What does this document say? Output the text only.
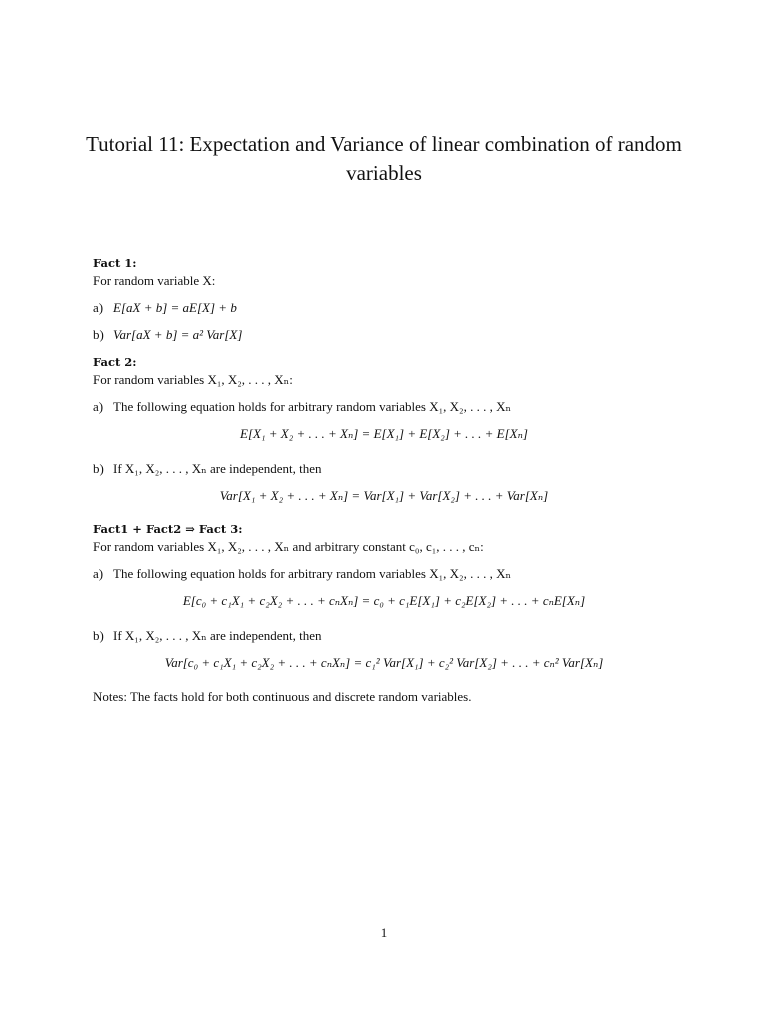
Tutorial 11: Expectation and Variance of linear combination of random variables

Fact 1:

For random variable X:

a) E[aX + b] = aE[X] + b

b) Var[aX + b] = a² Var[X]

Fact 2:

For random variables X₁, X₂, . . . , Xₙ:

a) The following equation holds for arbitrary random variables X₁, X₂, . . . , Xₙ

E[X₁ + X₂ + . . . + Xₙ] = E[X₁] + E[X₂] + . . . + E[Xₙ]

b) If X₁, X₂, . . . , Xₙ are independent, then

Var[X₁ + X₂ + . . . + Xₙ] = Var[X₁] + Var[X₂] + . . . + Var[Xₙ]

Fact1 + Fact2 ⇒ Fact 3:

For random variables X₁, X₂, . . . , Xₙ and arbitrary constant c₀, c₁, . . . , cₙ:

a) The following equation holds for arbitrary random variables X₁, X₂, . . . , Xₙ

E[c₀ + c₁X₁ + c₂X₂ + . . . + cₙXₙ] = c₀ + c₁E[X₁] + c₂E[X₂] + . . . + cₙE[Xₙ]

b) If X₁, X₂, . . . , Xₙ are independent, then

Var[c₀ + c₁X₁ + c₂X₂ + . . . + cₙXₙ] = c₁² Var[X₁] + c₂² Var[X₂] + . . . + cₙ² Var[Xₙ]

Notes: The facts hold for both continuous and discrete random variables.

1
